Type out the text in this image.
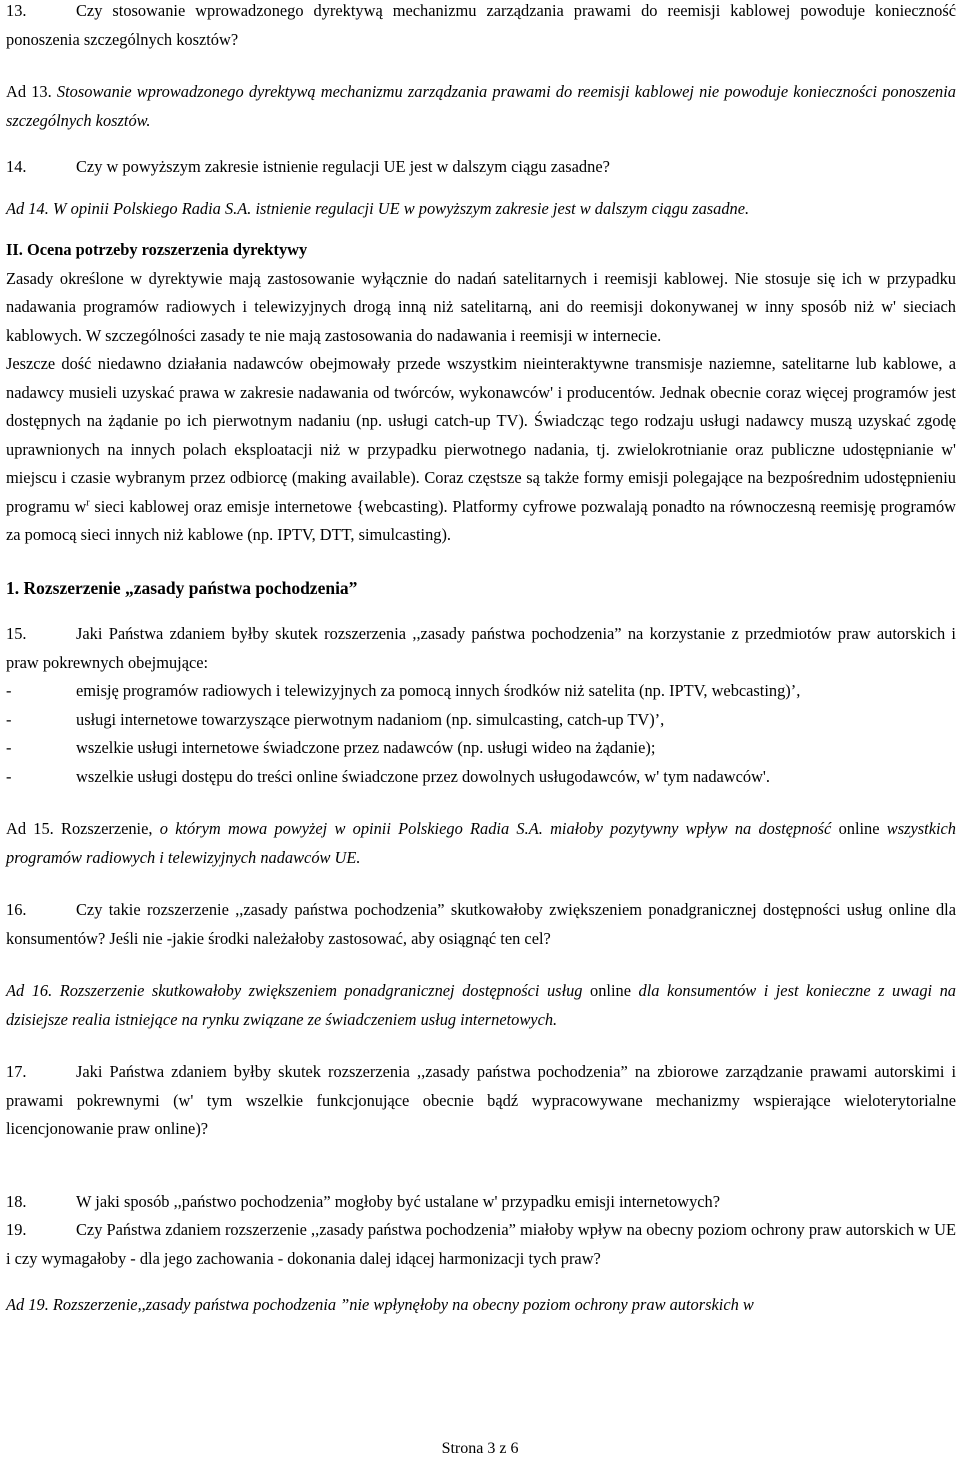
13.	Czy stosowanie wprowadzonego dyrektywą mechanizmu zarządzania prawami do reemisji kablowej powoduje konieczność ponoszenia szczególnych kosztów?

Ad 13. Stosowanie wprowadzonego dyrektywą mechanizmu zarządzania prawami do reemisji kablowej nie powoduje konieczności ponoszenia szczególnych kosztów.

14.	Czy w powyższym zakresie istnienie regulacji UE jest w dalszym ciągu zasadne?

Ad 14. W opinii Polskiego Radia S.A. istnienie regulacji UE w powyższym zakresie jest w dalszym ciągu zasadne.

II. Ocena potrzeby rozszerzenia dyrektywy

Zasady określone w dyrektywie mają zastosowanie wyłącznie do nadań satelitarnych i reemisji kablowej. Nie stosuje się ich w przypadku nadawania programów radiowych i telewizyjnych drogą inną niż satelitarną, ani do reemisji dokonywanej w inny sposób niż w' sieciach kablowych. W szczególności zasady te nie mają zastosowania do nadawania i reemisji w internecie.

Jeszcze dość niedawno działania nadawców obejmowały przede wszystkim nieinteraktywne transmisje naziemne, satelitarne lub kablowe, a nadawcy musieli uzyskać prawa w zakresie nadawania od twórców, wykonawców' i producentów. Jednak obecnie coraz więcej programów jest dostępnych na żądanie po ich pierwotnym nadaniu (np. usługi catch-up TV). Świadcząc tego rodzaju usługi nadawcy muszą uzyskać zgodę uprawnionych na innych polach eksploatacji niż w przypadku pierwotnego nadania, tj. zwielokrotnianie oraz publiczne udostępnianie w' miejscu i czasie wybranym przez odbiorcę (making available). Coraz częstsze są także formy emisji polegające na bezpośrednim udostępnieniu programu $w^r$ sieci kablowej oraz emisje internetowe {webcasting). Platformy cyfrowe pozwalają ponadto na równoczesną reemisję programów za pomocą sieci innych niż kablowe (np. IPTV, DTT, simulcasting).

1. Rozszerzenie „zasady państwa pochodzenia”

15.	Jaki Państwa zdaniem byłby skutek rozszerzenia ,,zasady państwa pochodzenia” na korzystanie z przedmiotów praw autorskich i praw pokrewnych obejmujące:

-	emisję programów radiowych i telewizyjnych za pomocą innych środków niż satelita (np. IPTV, webcasting)’,

-	usługi internetowe towarzyszące pierwotnym nadaniom (np. simulcasting, catch-up TV)’,

-	wszelkie usługi internetowe świadczone przez nadawców (np. usługi wideo na żądanie);

-	wszelkie usługi dostępu do treści online świadczone przez dowolnych usługodawców, w' tym nadawców'.

Ad 15. Rozszerzenie, o którym mowa powyżej w opinii Polskiego Radia S.A. miałoby pozytywny wpływ na dostępność online wszystkich programów radiowych i telewizyjnych nadawców UE.

16.	Czy takie rozszerzenie ,,zasady państwa pochodzenia” skutkowałoby zwiększeniem ponadgranicznej dostępności usług online dla konsumentów? Jeśli nie -jakie środki należałoby zastosować, aby osiągnąć ten cel?

Ad 16. Rozszerzenie skutkowałoby zwiększeniem ponadgranicznej dostępności usług online dla konsumentów i jest konieczne z uwagi na dzisiejsze realia istniejące na rynku związane ze świadczeniem usług internetowych.

17.	Jaki Państwa zdaniem byłby skutek rozszerzenia ,,zasady państwa pochodzenia” na zbiorowe zarządzanie prawami autorskimi i prawami pokrewnymi (w' tym wszelkie funkcjonujące obecnie bądź wypracowywane mechanizmy wspierające wieloterytorialne licencjonowanie praw online)?

18.	W jaki sposób ,,państwo pochodzenia” mogłoby być ustalane w' przypadku emisji internetowych?

19.	Czy Państwa zdaniem rozszerzenie ,,zasady państwa pochodzenia” miałoby wpływ na obecny poziom ochrony praw autorskich w UE i czy wymagałoby - dla jego zachowania - dokonania dalej idącej harmonizacji tych praw?

Ad 19. Rozszerzenie,,zasady państwa pochodzenia ”nie wpłynęłoby na obecny poziom ochrony praw autorskich w

Strona 3 z 6
